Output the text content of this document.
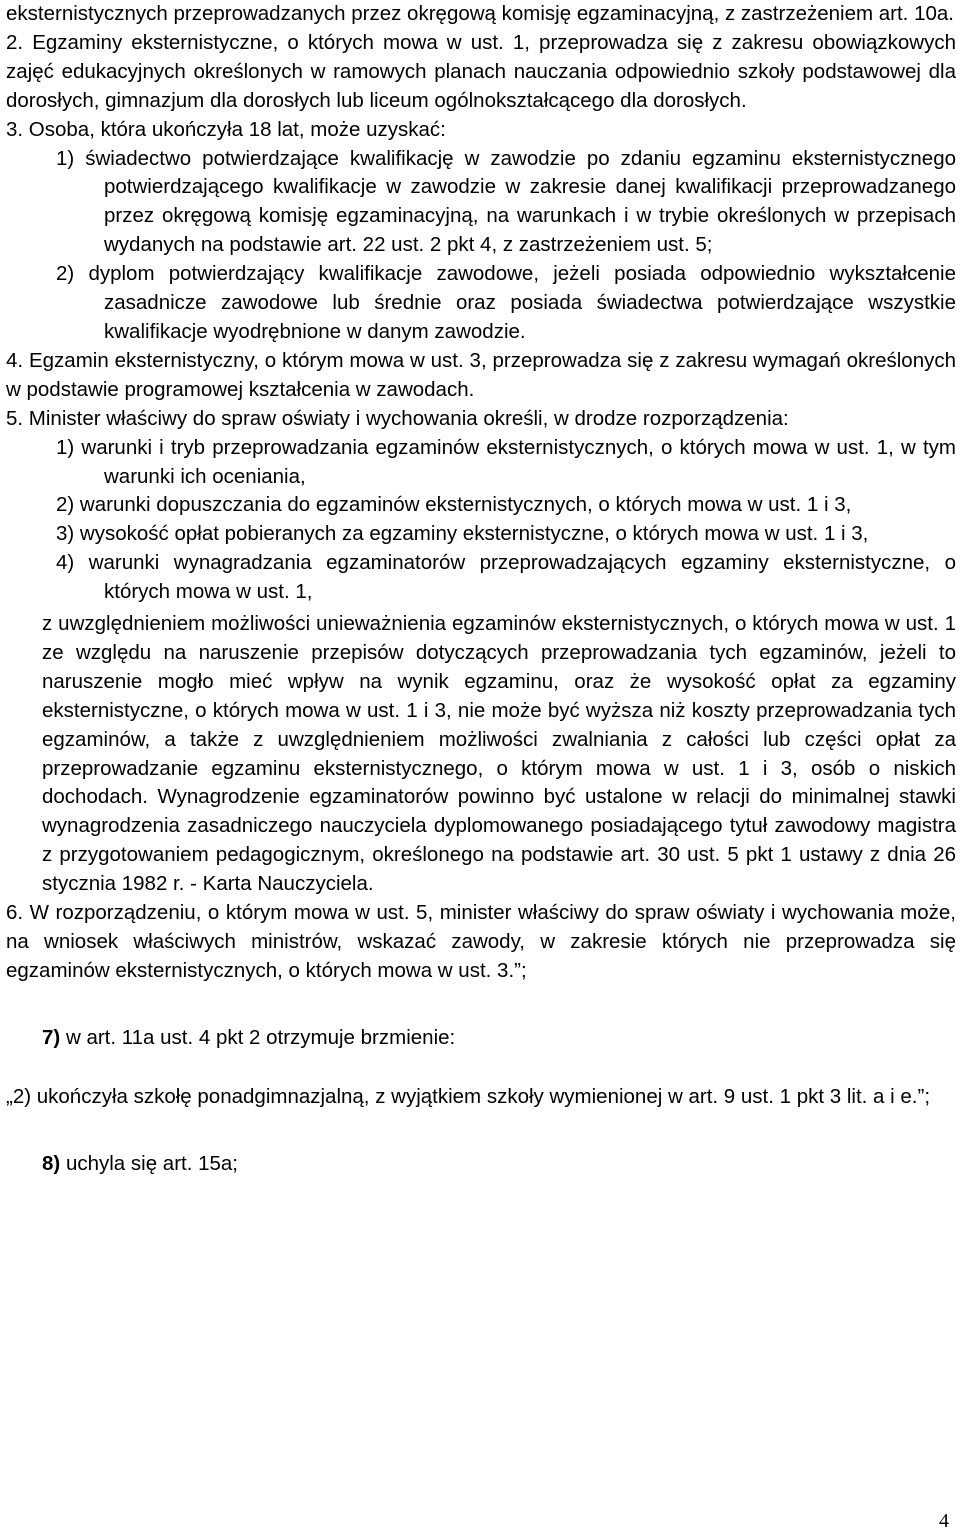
eksternistycznych przeprowadzanych przez okręgową komisję egzaminacyjną, z zastrzeżeniem art. 10a.

2. Egzaminy eksternistyczne, o których mowa w ust. 1, przeprowadza się z zakresu obowiązkowych zajęć edukacyjnych określonych w ramowych planach nauczania odpowiednio szkoły podstawowej dla dorosłych, gimnazjum dla dorosłych lub liceum ogólnokształcącego dla dorosłych.

3. Osoba, która ukończyła 18 lat, może uzyskać:

1) świadectwo potwierdzające kwalifikację w zawodzie po zdaniu egzaminu eksternistycznego potwierdzającego kwalifikacje w zawodzie w zakresie danej kwalifikacji przeprowadzanego przez okręgową komisję egzaminacyjną, na warunkach i w trybie określonych w przepisach wydanych na podstawie art. 22 ust. 2 pkt 4, z zastrzeżeniem ust. 5;

2) dyplom potwierdzający kwalifikacje zawodowe, jeżeli posiada odpowiednio wykształcenie zasadnicze zawodowe lub średnie oraz posiada świadectwa potwierdzające wszystkie kwalifikacje wyodrębnione w danym zawodzie.

4. Egzamin eksternistyczny, o którym mowa w ust. 3, przeprowadza się z zakresu wymagań określonych w podstawie programowej kształcenia w zawodach.

5. Minister właściwy do spraw oświaty i wychowania określi, w drodze rozporządzenia:

1) warunki i tryb przeprowadzania egzaminów eksternistycznych, o których mowa w ust. 1, w tym warunki ich oceniania,

2) warunki dopuszczania do egzaminów eksternistycznych, o których mowa w ust. 1 i 3,

3) wysokość opłat pobieranych za egzaminy eksternistyczne, o których mowa w ust. 1 i 3,

4) warunki wynagradzania egzaminatorów przeprowadzających egzaminy eksternistyczne, o których mowa w ust. 1,

z uwzględnieniem możliwości unieważnienia egzaminów eksternistycznych, o których mowa w ust. 1 ze względu na naruszenie przepisów dotyczących przeprowadzania tych egzaminów, jeżeli to naruszenie mogło mieć wpływ na wynik egzaminu, oraz że wysokość opłat za egzaminy eksternistyczne, o których mowa w ust. 1 i 3, nie może być wyższa niż koszty przeprowadzania tych egzaminów, a także z uwzględnieniem możliwości zwalniania z całości lub części opłat za przeprowadzanie egzaminu eksternistycznego, o którym mowa w ust. 1 i 3, osób o niskich dochodach. Wynagrodzenie egzaminatorów powinno być ustalone w relacji do minimalnej stawki wynagrodzenia zasadniczego nauczyciela dyplomowanego posiadającego tytuł zawodowy magistra z przygotowaniem pedagogicznym, określonego na podstawie art. 30 ust. 5 pkt 1 ustawy z dnia 26 stycznia 1982 r. - Karta Nauczyciela.

6. W rozporządzeniu, o którym mowa w ust. 5, minister właściwy do spraw oświaty i wychowania może, na wniosek właściwych ministrów, wskazać zawody, w zakresie których nie przeprowadza się egzaminów eksternistycznych, o których mowa w ust. 3.”;

7) w art. 11a ust. 4 pkt 2 otrzymuje brzmienie:

„2) ukończyła szkołę ponadgimnazjalną, z wyjątkiem szkoły wymienionej w art. 9 ust. 1 pkt 3 lit. a i e.”;

8) uchyla się art. 15a;

4
